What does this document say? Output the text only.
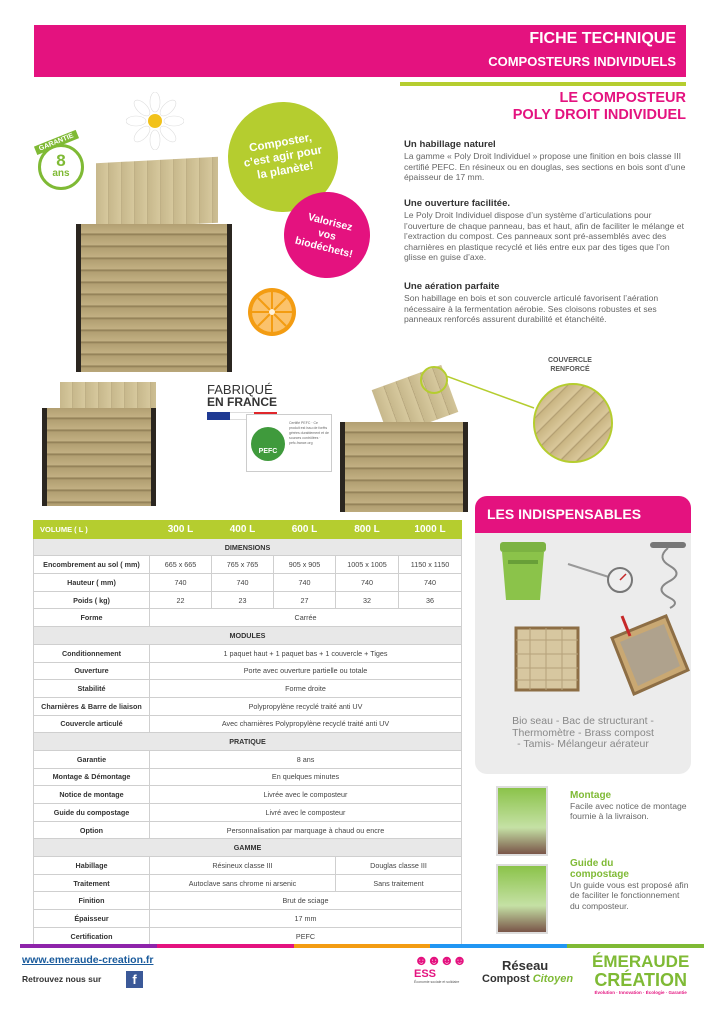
FICHE TECHNIQUE
COMPOSTEURS INDIVIDUELS
LE COMPOSTEUR
POLY DROIT INDIVIDUEL
Un habillage naturel

La gamme « Poly Droit Individuel » propose une finition en bois classe III certifié PEFC. En résineux ou en douglas, ses sections en bois sont d’une épaisseur de 17 mm.

Une ouverture facilitée.

Le Poly Droit Individuel dispose d’un système d’articulations pour l’ouverture de chaque panneau, bas et haut, afin de faciliter le mélange et l’extraction du compost. Ces panneaux sont pré-assemblés avec des charnières en plastique recyclé et liés entre eux par des tiges que l’on glisse en guise d’axe.

Une aération parfaite

Son habillage en bois et son couvercle articulé favorisent l’aération nécessaire à la fermentation aérobie. Ses cloisons robustes et ses panneaux renforcés assurent durabilité et étanchéité.

Composter, c’est agir pour la planète!
Valorisez vos biodéchets!
8
ans
GARANTIE
COUVERCLE
RENFORCÉ
FABRIQUÉ
EN FRANCE
PEFC
Certifié PEFC · Ce produit est issu de forêts gérées durablement et de sources contrôlées · pefc-france.org
VOLUME ( L )	300 L	400 L	600 L	800 L	1000 L
DIMENSIONS					
Encombrement au sol ( mm)	665 x 665	765 x 765	905 x 905	1005 x 1005	1150 x 1150
Hauteur ( mm)	740	740	740	740	740
Poids ( kg)	22	23	27	32	36
Forme	Carrée				
MODULES					
Conditionnement	1 paquet haut + 1 paquet bas + 1 couvercle + Tiges				
Ouverture	Porte avec ouverture partielle ou totale				
Stabilité	Forme droite				
Charnières & Barre de liaison	Polypropylène recyclé traité anti UV				
Couvercle articulé	Avec charnières Polypropylène recyclé traité anti UV				
PRATIQUE					
Garantie	8 ans				
Montage & Démontage	En quelques minutes				
Notice de montage	Livrée avec le composteur				
Guide du compostage	Livré avec le composteur				
Option	Personnalisation par marquage à chaud ou encre				
GAMME					
Habillage	Résineux classe III			Douglas classe III	
Traitement	Autoclave sans chrome ni arsenic			Sans traitement	
Finition	Brut de sciage				
Épaisseur	17 mm				
Certification	PEFC				
LES INDISPENSABLES
Bio seau - Bac de structurant -
Thermomètre - Brass compost
- Tamis- Mélangeur aérateur
Montage

Facile avec notice de montage fournie à la livraison.

Guide du
compostage

Un guide vous est proposé afin de faciliter le fonctionnement du composteur.

www.emeraude-creation.fr
Retrouvez nous sur	f
☻☻☻☻
ESS
Économie sociale et solidaire
Réseau
Compost Citoyen
ÉMERAUDE
CRÉATION
Évolution · Innovation · Écologie · Garantie
